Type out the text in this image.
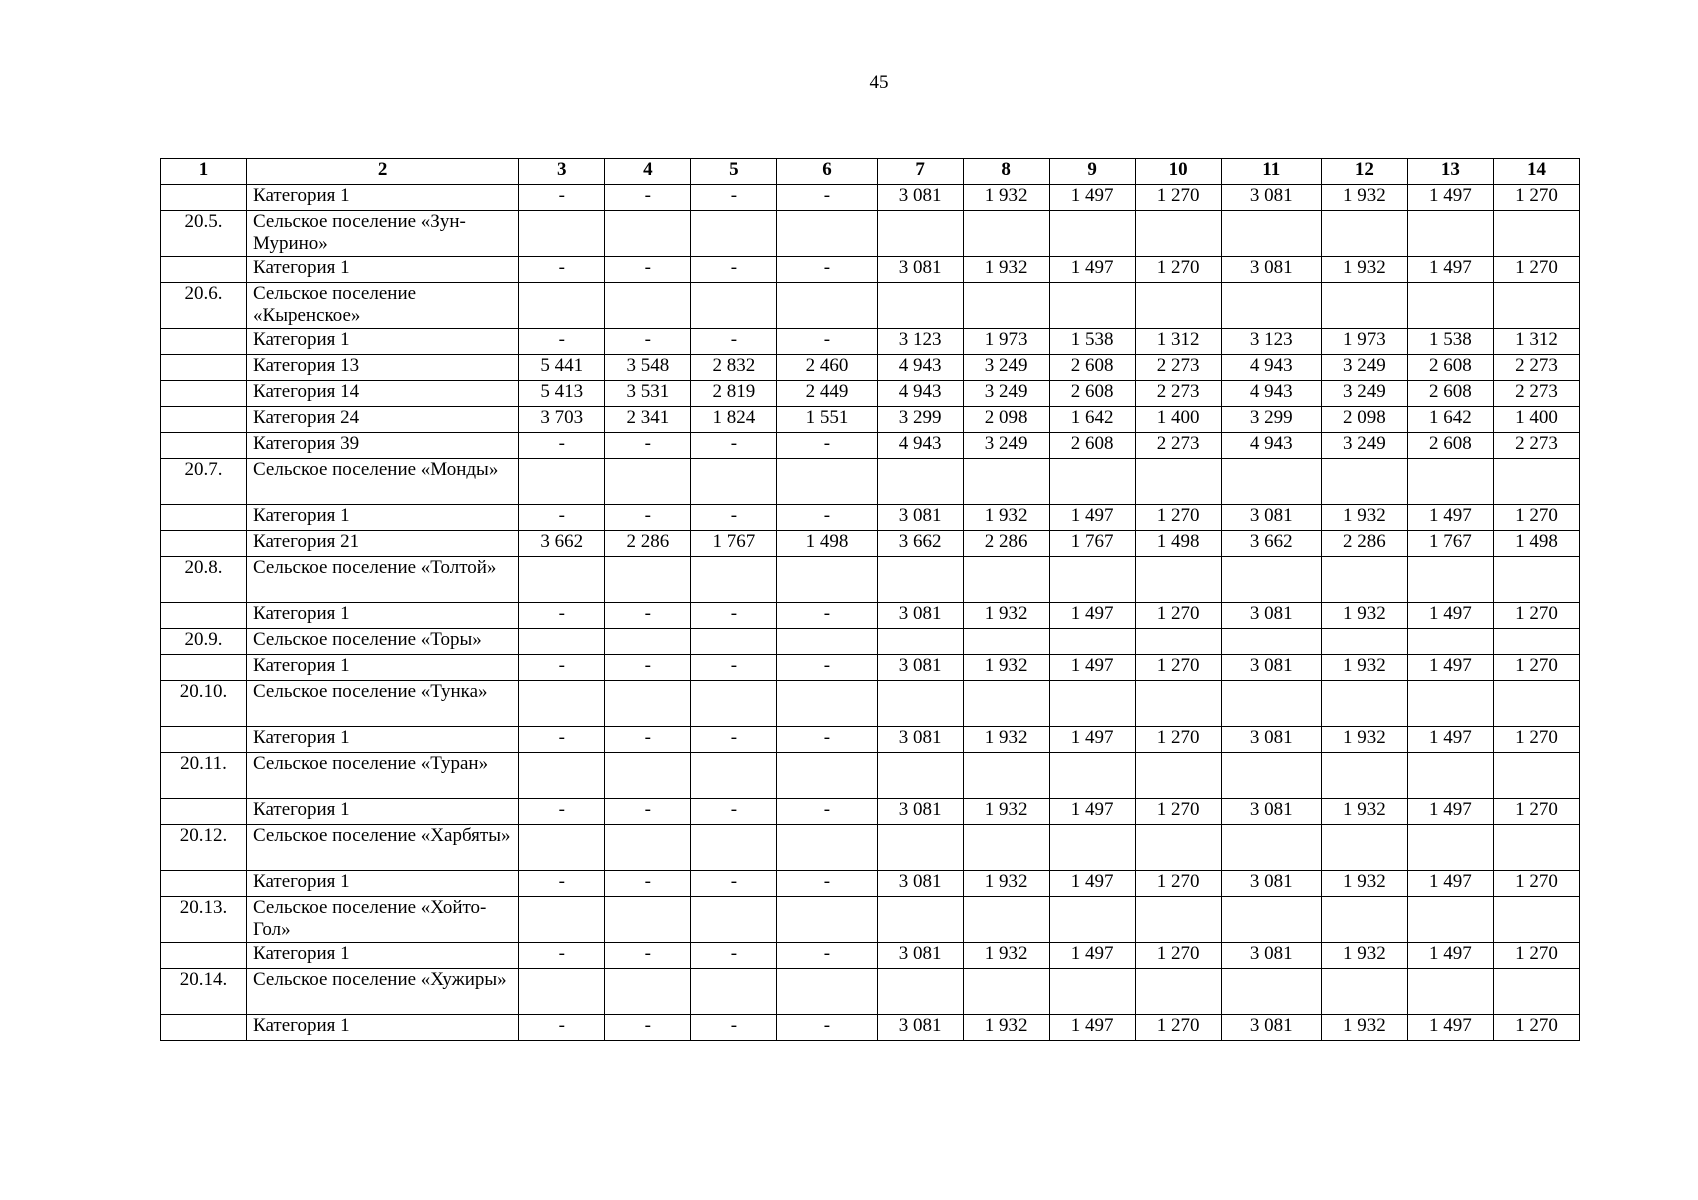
45
1	2	3	4	5	6	7	8	9	10	11	12	13	14
	Категория 1	-	-	-	-	3 081	1 932	1 497	1 270	3 081	1 932	1 497	1 270
20.5.	Сельское поселение «Зун-Мурино»												
	Категория 1	-	-	-	-	3 081	1 932	1 497	1 270	3 081	1 932	1 497	1 270
20.6.	Сельское поселение «Кыренское»												
	Категория 1	-	-	-	-	3 123	1 973	1 538	1 312	3 123	1 973	1 538	1 312
	Категория 13	5 441	3 548	2 832	2 460	4 943	3 249	2 608	2 273	4 943	3 249	2 608	2 273
	Категория 14	5 413	3 531	2 819	2 449	4 943	3 249	2 608	2 273	4 943	3 249	2 608	2 273
	Категория 24	3 703	2 341	1 824	1 551	3 299	2 098	1 642	1 400	3 299	2 098	1 642	1 400
	Категория 39	-	-	-	-	4 943	3 249	2 608	2 273	4 943	3 249	2 608	2 273
20.7.	Сельское поселение «Монды»												
	Категория 1	-	-	-	-	3 081	1 932	1 497	1 270	3 081	1 932	1 497	1 270
	Категория 21	3 662	2 286	1 767	1 498	3 662	2 286	1 767	1 498	3 662	2 286	1 767	1 498
20.8.	Сельское поселение «Толтой»												
	Категория 1	-	-	-	-	3 081	1 932	1 497	1 270	3 081	1 932	1 497	1 270
20.9.	Сельское поселение «Торы»												
	Категория 1	-	-	-	-	3 081	1 932	1 497	1 270	3 081	1 932	1 497	1 270
20.10.	Сельское поселение «Тунка»												
	Категория 1	-	-	-	-	3 081	1 932	1 497	1 270	3 081	1 932	1 497	1 270
20.11.	Сельское поселение «Туран»												
	Категория 1	-	-	-	-	3 081	1 932	1 497	1 270	3 081	1 932	1 497	1 270
20.12.	Сельское поселение «Харбяты»												
	Категория 1	-	-	-	-	3 081	1 932	1 497	1 270	3 081	1 932	1 497	1 270
20.13.	Сельское поселение «Хойто-Гол»												
	Категория 1	-	-	-	-	3 081	1 932	1 497	1 270	3 081	1 932	1 497	1 270
20.14.	Сельское поселение «Хужиры»												
	Категория 1	-	-	-	-	3 081	1 932	1 497	1 270	3 081	1 932	1 497	1 270
